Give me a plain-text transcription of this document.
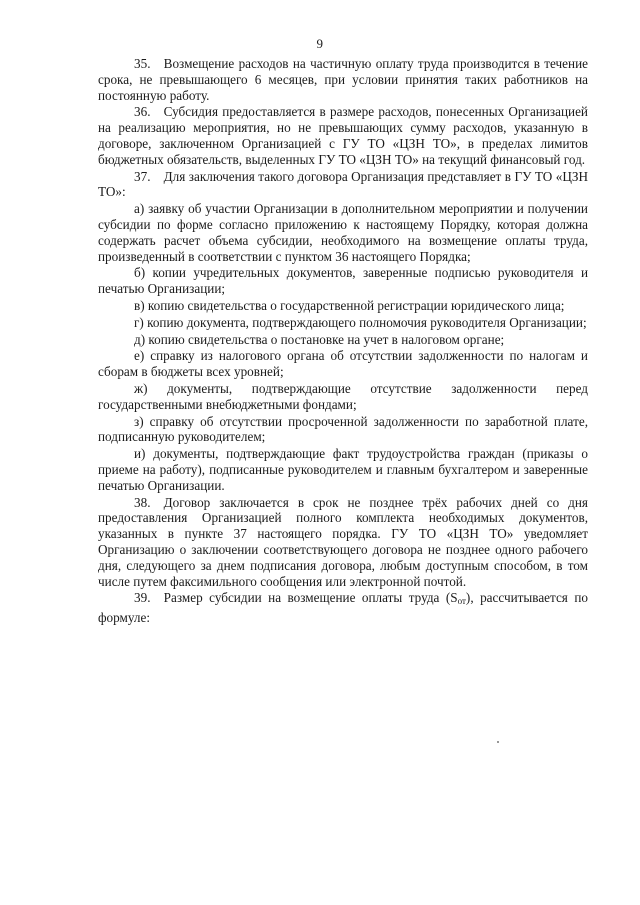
9

35. Возмещение расходов на частичную оплату труда производится в течение срока, не превышающего 6 месяцев, при условии принятия таких работников на постоянную работу.

36. Субсидия предоставляется в размере расходов, понесенных Организацией на реализацию мероприятия, но не превышающих сумму расходов, указанную в договоре, заключенном Организацией с ГУ ТО «ЦЗН ТО», в пределах лимитов бюджетных обязательств, выделенных ГУ ТО «ЦЗН ТО» на текущий финансовый год.

37. Для заключения такого договора Организация представляет в ГУ ТО «ЦЗН ТО»:

а) заявку об участии Организации в дополнительном мероприятии и получении субсидии по форме согласно приложению к настоящему Порядку, которая должна содержать расчет объема субсидии, необходимого на возмещение оплаты труда, произведенный в соответствии с пунктом 36 настоящего Порядка;

б) копии учредительных документов, заверенные подписью руководителя и печатью Организации;

в) копию свидетельства о государственной регистрации юридического лица;

г) копию документа, подтверждающего полномочия руководителя Организации;

д) копию свидетельства о постановке на учет в налоговом органе;

е) справку из налогового органа об отсутствии задолженности по налогам и сборам в бюджеты всех уровней;

ж) документы, подтверждающие отсутствие задолженности перед государственными внебюджетными фондами;

з) справку об отсутствии просроченной задолженности по заработной плате, подписанную руководителем;

и) документы, подтверждающие факт трудоустройства граждан (приказы о приеме на работу), подписанные руководителем и главным бухгалтером и заверенные печатью Организации.

38. Договор заключается в срок не позднее трёх рабочих дней со дня предоставления Организацией полного комплекта необходимых документов, указанных в пункте 37 настоящего порядка. ГУ ТО «ЦЗН ТО» уведомляет Организацию о заключении соответствующего договора не позднее одного рабочего дня, следующего за днем подписания договора, любым доступным способом, в том числе путем факсимильного сообщения или электронной почтой.

39. Размер субсидии на возмещение оплаты труда (Sот), рассчитывается по формуле:
